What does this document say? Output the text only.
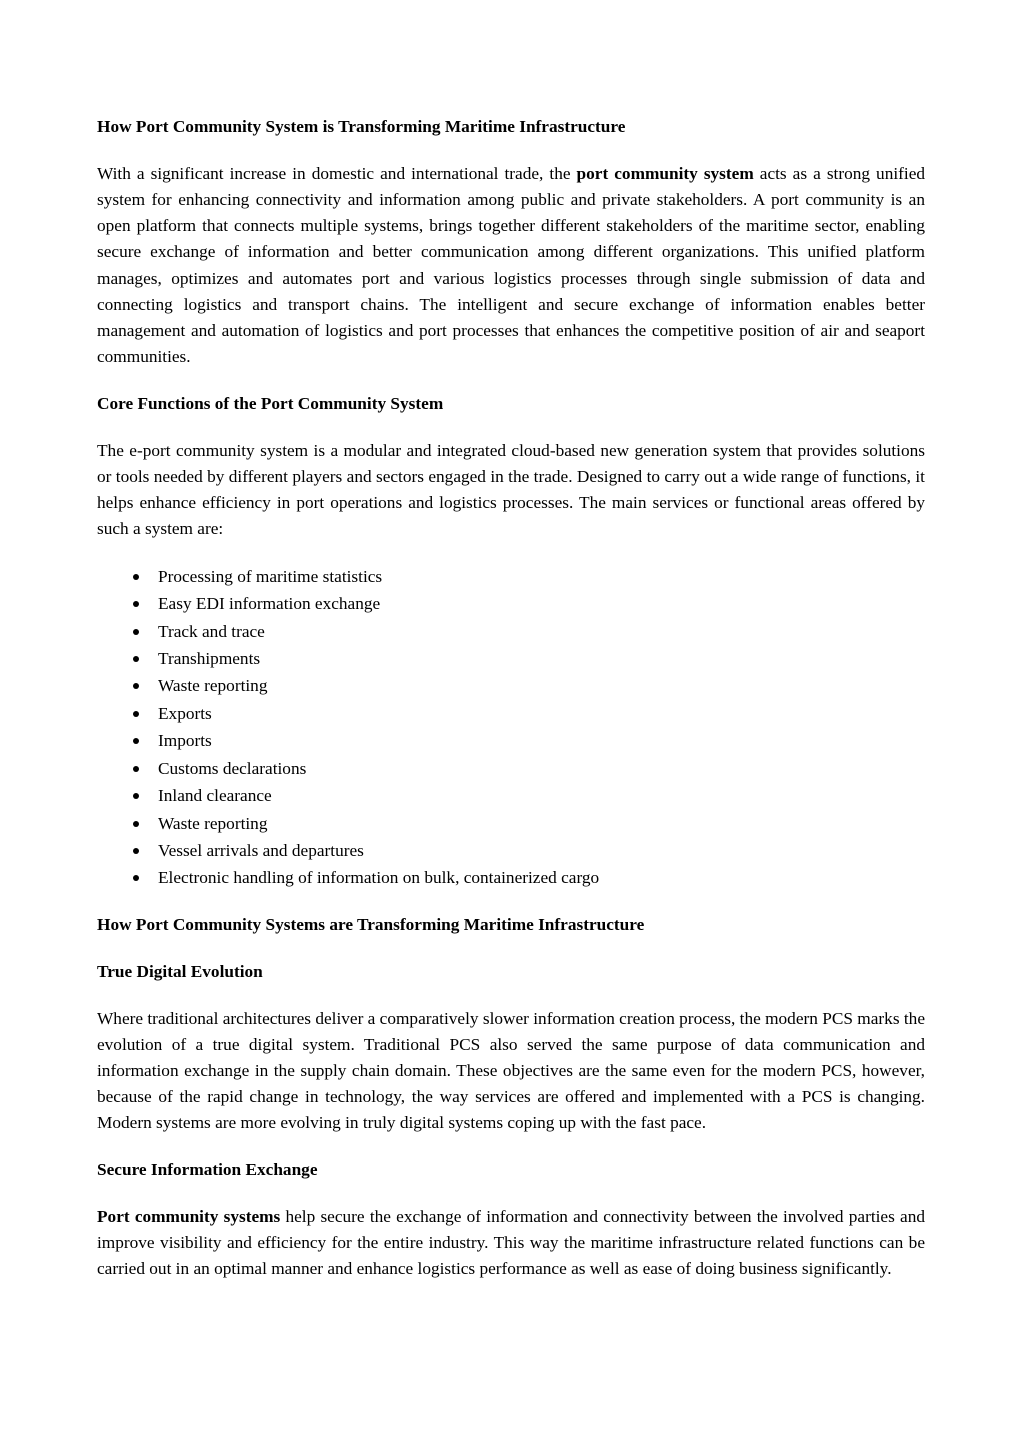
How Port Community System is Transforming Maritime Infrastructure

With a significant increase in domestic and international trade, the port community system acts as a strong unified system for enhancing connectivity and information among public and private stakeholders. A port community is an open platform that connects multiple systems, brings together different stakeholders of the maritime sector, enabling secure exchange of information and better communication among different organizations. This unified platform manages, optimizes and automates port and various logistics processes through single submission of data and connecting logistics and transport chains. The intelligent and secure exchange of information enables better management and automation of logistics and port processes that enhances the competitive position of air and seaport communities.

Core Functions of the Port Community System

The e-port community system is a modular and integrated cloud-based new generation system that provides solutions or tools needed by different players and sectors engaged in the trade. Designed to carry out a wide range of functions, it helps enhance efficiency in port operations and logistics processes. The main services or functional areas offered by such a system are:

Processing of maritime statistics
Easy EDI information exchange
Track and trace
Transhipments
Waste reporting
Exports
Imports
Customs declarations
Inland clearance
Waste reporting
Vessel arrivals and departures
Electronic handling of information on bulk, containerized cargo
How Port Community Systems are Transforming Maritime Infrastructure
True Digital Evolution

Where traditional architectures deliver a comparatively slower information creation process, the modern PCS marks the evolution of a true digital system. Traditional PCS also served the same purpose of data communication and information exchange in the supply chain domain. These objectives are the same even for the modern PCS, however, because of the rapid change in technology, the way services are offered and implemented with a PCS is changing. Modern systems are more evolving in truly digital systems coping up with the fast pace.

Secure Information Exchange

Port community systems help secure the exchange of information and connectivity between the involved parties and improve visibility and efficiency for the entire industry. This way the maritime infrastructure related functions can be carried out in an optimal manner and enhance logistics performance as well as ease of doing business significantly.
